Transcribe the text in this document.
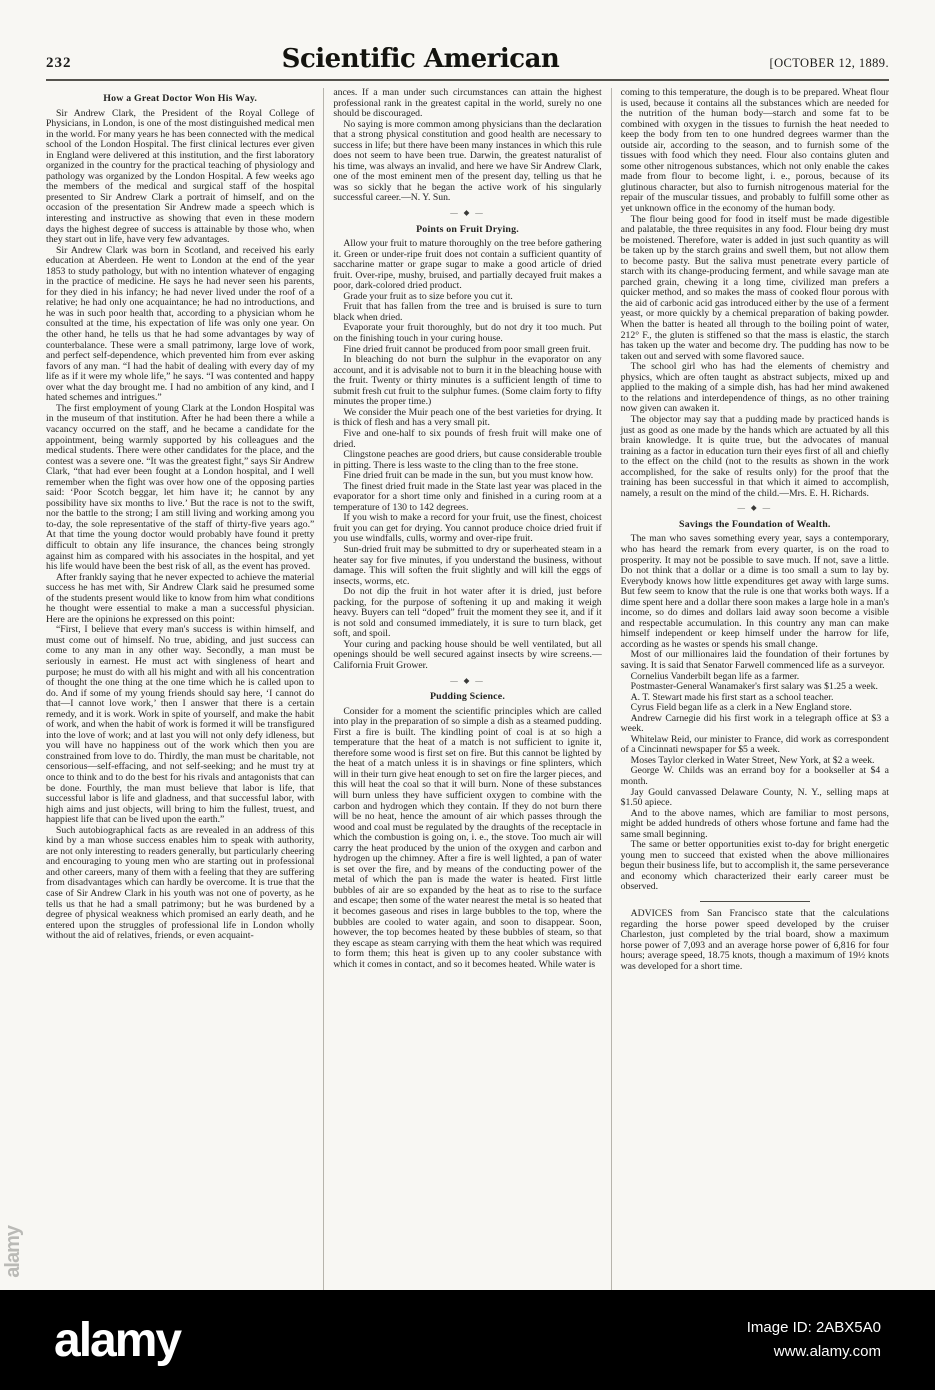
232	Scientific American	[OCTOBER 12, 1889.
How a Great Doctor Won His Way.

Sir Andrew Clark, the President of the Royal College of Physicians, in London, is one of the most distinguished medical men in the world. For many years he has been connected with the medical school of the London Hospital. The first clinical lectures ever given in England were delivered at this institution, and the first laboratory organized in the country for the practical teaching of physiology and pathology was organized by the London Hospital. A few weeks ago the members of the medical and surgical staff of the hospital presented to Sir Andrew Clark a portrait of himself, and on the occasion of the presentation Sir Andrew made a speech which is interesting and instructive as showing that even in these modern days the highest degree of success is attainable by those who, when they start out in life, have very few advantages.

Sir Andrew Clark was born in Scotland, and received his early education at Aberdeen. He went to London at the end of the year 1853 to study pathology, but with no intention whatever of engaging in the practice of medicine. He says he had never seen his parents, for they died in his infancy; he had never lived under the roof of a relative; he had only one acquaintance; he had no introductions, and he was in such poor health that, according to a physician whom he consulted at the time, his expectation of life was only one year. On the other hand, he tells us that he had some advantages by way of counterbalance. These were a small patrimony, large love of work, and perfect self-dependence, which prevented him from ever asking favors of any man. “I had the habit of dealing with every day of my life as if it were my whole life,” he says. “I was contented and happy over what the day brought me. I had no ambition of any kind, and I hated schemes and intrigues.”

The first employment of young Clark at the London Hospital was in the museum of that institution. After he had been there a while a vacancy occurred on the staff, and he became a candidate for the appointment, being warmly supported by his colleagues and the medical students. There were other candidates for the place, and the contest was a severe one. “It was the greatest fight,” says Sir Andrew Clark, “that had ever been fought at a London hospital, and I well remember when the fight was over how one of the opposing parties said: ‘Poor Scotch beggar, let him have it; he cannot by any possibility have six months to live.’ But the race is not to the swift, nor the battle to the strong; I am still living and working among you to-day, the sole representative of the staff of thirty-five years ago.” At that time the young doctor would probably have found it pretty difficult to obtain any life insurance, the chances being strongly against him as compared with his associates in the hospital, and yet his life would have been the best risk of all, as the event has proved.

After frankly saying that he never expected to achieve the material success he has met with, Sir Andrew Clark said he presumed some of the students present would like to know from him what conditions he thought were essential to make a man a successful physician. Here are the opinions he expressed on this point:

“First, I believe that every man's success is within himself, and must come out of himself. No true, abiding, and just success can come to any man in any other way. Secondly, a man must be seriously in earnest. He must act with singleness of heart and purpose; he must do with all his might and with all his concentration of thought the one thing at the one time which he is called upon to do. And if some of my young friends should say here, ‘I cannot do that—I cannot love work,’ then I answer that there is a certain remedy, and it is work. Work in spite of yourself, and make the habit of work, and when the habit of work is formed it will be transfigured into the love of work; and at last you will not only defy idleness, but you will have no happiness out of the work which then you are constrained from love to do. Thirdly, the man must be charitable, not censorious—self-effacing, and not self-seeking; and he must try at once to think and to do the best for his rivals and antagonists that can be done. Fourthly, the man must believe that labor is life, that successful labor is life and gladness, and that successful labor, with high aims and just objects, will bring to him the fullest, truest, and happiest life that can be lived upon the earth.”

Such autobiographical facts as are revealed in an address of this kind by a man whose success enables him to speak with authority, are not only interesting to readers generally, but particularly cheering and encouraging to young men who are starting out in professional and other careers, many of them with a feeling that they are suffering from disadvantages which can hardly be overcome. It is true that the case of Sir Andrew Clark in his youth was not one of poverty, as he tells us that he had a small patrimony; but he was burdened by a degree of physical weakness which promised an early death, and he entered upon the struggles of professional life in London wholly without the aid of relatives, friends, or even acquaint-

ances. If a man under such circumstances can attain the highest professional rank in the greatest capital in the world, surely no one should be discouraged.

No saying is more common among physicians than the declaration that a strong physical constitution and good health are necessary to success in life; but there have been many instances in which this rule does not seem to have been true. Darwin, the greatest naturalist of his time, was always an invalid, and here we have Sir Andrew Clark, one of the most eminent men of the present day, telling us that he was so sickly that he began the active work of his singularly successful career.—N. Y. Sun.

— ◆ —
Points on Fruit Drying.

Allow your fruit to mature thoroughly on the tree before gathering it. Green or under-ripe fruit does not contain a sufficient quantity of saccharine matter or grape sugar to make a good article of dried fruit. Over-ripe, mushy, bruised, and partially decayed fruit makes a poor, dark-colored dried product.

Grade your fruit as to size before you cut it.

Fruit that has fallen from the tree and is bruised is sure to turn black when dried.

Evaporate your fruit thoroughly, but do not dry it too much. Put on the finishing touch in your curing house.

Fine dried fruit cannot be produced from poor small green fruit.

In bleaching do not burn the sulphur in the evaporator on any account, and it is advisable not to burn it in the bleaching house with the fruit. Twenty or thirty minutes is a sufficient length of time to submit fresh cut fruit to the sulphur fumes. (Some claim forty to fifty minutes the proper time.)

We consider the Muir peach one of the best varieties for drying. It is thick of flesh and has a very small pit.

Five and one-half to six pounds of fresh fruit will make one of dried.

Clingstone peaches are good driers, but cause considerable trouble in pitting. There is less waste to the cling than to the free stone.

Fine dried fruit can be made in the sun, but you must know how.

The finest dried fruit made in the State last year was placed in the evaporator for a short time only and finished in a curing room at a temperature of 130 to 142 degrees.

If you wish to make a record for your fruit, use the finest, choicest fruit you can get for drying. You cannot produce choice dried fruit if you use windfalls, culls, wormy and over-ripe fruit.

Sun-dried fruit may be submitted to dry or superheated steam in a heater say for five minutes, if you understand the business, without damage. This will soften the fruit slightly and will kill the eggs of insects, worms, etc.

Do not dip the fruit in hot water after it is dried, just before packing, for the purpose of softening it up and making it weigh heavy. Buyers can tell “doped” fruit the moment they see it, and if it is not sold and consumed immediately, it is sure to turn black, get soft, and spoil.

Your curing and packing house should be well ventilated, but all openings should be well secured against insects by wire screens.—California Fruit Grower.

— ◆ —
Pudding Science.

Consider for a moment the scientific principles which are called into play in the preparation of so simple a dish as a steamed pudding. First a fire is built. The kindling point of coal is at so high a temperature that the heat of a match is not sufficient to ignite it, therefore some wood is first set on fire. But this cannot be lighted by the heat of a match unless it is in shavings or fine splinters, which will in their turn give heat enough to set on fire the larger pieces, and this will heat the coal so that it will burn. None of these substances will burn unless they have sufficient oxygen to combine with the carbon and hydrogen which they contain. If they do not burn there will be no heat, hence the amount of air which passes through the wood and coal must be regulated by the draughts of the receptacle in which the combustion is going on, i. e., the stove. Too much air will carry the heat produced by the union of the oxygen and carbon and hydrogen up the chimney. After a fire is well lighted, a pan of water is set over the fire, and by means of the conducting power of the metal of which the pan is made the water is heated. First little bubbles of air are so expanded by the heat as to rise to the surface and escape; then some of the water nearest the metal is so heated that it becomes gaseous and rises in large bubbles to the top, where the bubbles are cooled to water again, and soon to disappear. Soon, however, the top becomes heated by these bubbles of steam, so that they escape as steam carrying with them the heat which was required to form them; this heat is given up to any cooler substance with which it comes in contact, and so it becomes heated. While water is

coming to this temperature, the dough is to be prepared. Wheat flour is used, because it contains all the substances which are needed for the nutrition of the human body—starch and some fat to be combined with oxygen in the tissues to furnish the heat needed to keep the body from ten to one hundred degrees warmer than the outside air, according to the season, and to furnish some of the tissues with food which they need. Flour also contains gluten and some other nitrogenous substances, which not only enable the cakes made from flour to become light, i. e., porous, because of its glutinous character, but also to furnish nitrogenous material for the repair of the muscular tissues, and probably to fulfill some other as yet unknown office in the economy of the human body.

The flour being good for food in itself must be made digestible and palatable, the three requisites in any food. Flour being dry must be moistened. Therefore, water is added in just such quantity as will be taken up by the starch grains and swell them, but not allow them to become pasty. But the saliva must penetrate every particle of starch with its change-producing ferment, and while savage man ate parched grain, chewing it a long time, civilized man prefers a quicker method, and so makes the mass of cooked flour porous with the aid of carbonic acid gas introduced either by the use of a ferment yeast, or more quickly by a chemical preparation of baking powder. When the batter is heated all through to the boiling point of water, 212° F., the gluten is stiffened so that the mass is elastic, the starch has taken up the water and become dry. The pudding has now to be taken out and served with some flavored sauce.

The school girl who has had the elements of chemistry and physics, which are often taught as abstract subjects, mixed up and applied to the making of a simple dish, has had her mind awakened to the relations and interdependence of things, as no other training now given can awaken it.

The objector may say that a pudding made by practiced hands is just as good as one made by the hands which are actuated by all this brain knowledge. It is quite true, but the advocates of manual training as a factor in education turn their eyes first of all and chiefly to the effect on the child (not to the results as shown in the work accomplished, for the sake of results only) for the proof that the training has been successful in that which it aimed to accomplish, namely, a result on the mind of the child.—Mrs. E. H. Richards.

— ◆ —
Savings the Foundation of Wealth.

The man who saves something every year, says a contemporary, who has heard the remark from every quarter, is on the road to prosperity. It may not be possible to save much. If not, save a little. Do not think that a dollar or a dime is too small a sum to lay by. Everybody knows how little expenditures get away with large sums. But few seem to know that the rule is one that works both ways. If a dime spent here and a dollar there soon makes a large hole in a man's income, so do dimes and dollars laid away soon become a visible and respectable accumulation. In this country any man can make himself independent or keep himself under the harrow for life, according as he wastes or spends his small change.

Most of our millionaires laid the foundation of their fortunes by saving. It is said that Senator Farwell commenced life as a surveyor.

Cornelius Vanderbilt began life as a farmer.

Postmaster-General Wanamaker's first salary was $1.25 a week.

A. T. Stewart made his first start as a school teacher.

Cyrus Field began life as a clerk in a New England store.

Andrew Carnegie did his first work in a telegraph office at $3 a week.

Whitelaw Reid, our minister to France, did work as correspondent of a Cincinnati newspaper for $5 a week.

Moses Taylor clerked in Water Street, New York, at $2 a week.

George W. Childs was an errand boy for a bookseller at $4 a month.

Jay Gould canvassed Delaware County, N. Y., selling maps at $1.50 apiece.

And to the above names, which are familiar to most persons, might be added hundreds of others whose fortune and fame had the same small beginning.

The same or better opportunities exist to-day for bright energetic young men to succeed that existed when the above millionaires begun their business life, but to accomplish it, the same perseverance and economy which characterized their early career must be observed.

ADVICES from San Francisco state that the calculations regarding the horse power speed developed by the cruiser Charleston, just completed by the trial board, show a maximum horse power of 7,093 and an average horse power of 6,816 for four hours; average speed, 18.75 knots, though a maximum of 19½ knots was developed for a short time.

alamy
alamy	Image ID: 2ABX5A0
www.alamy.com
